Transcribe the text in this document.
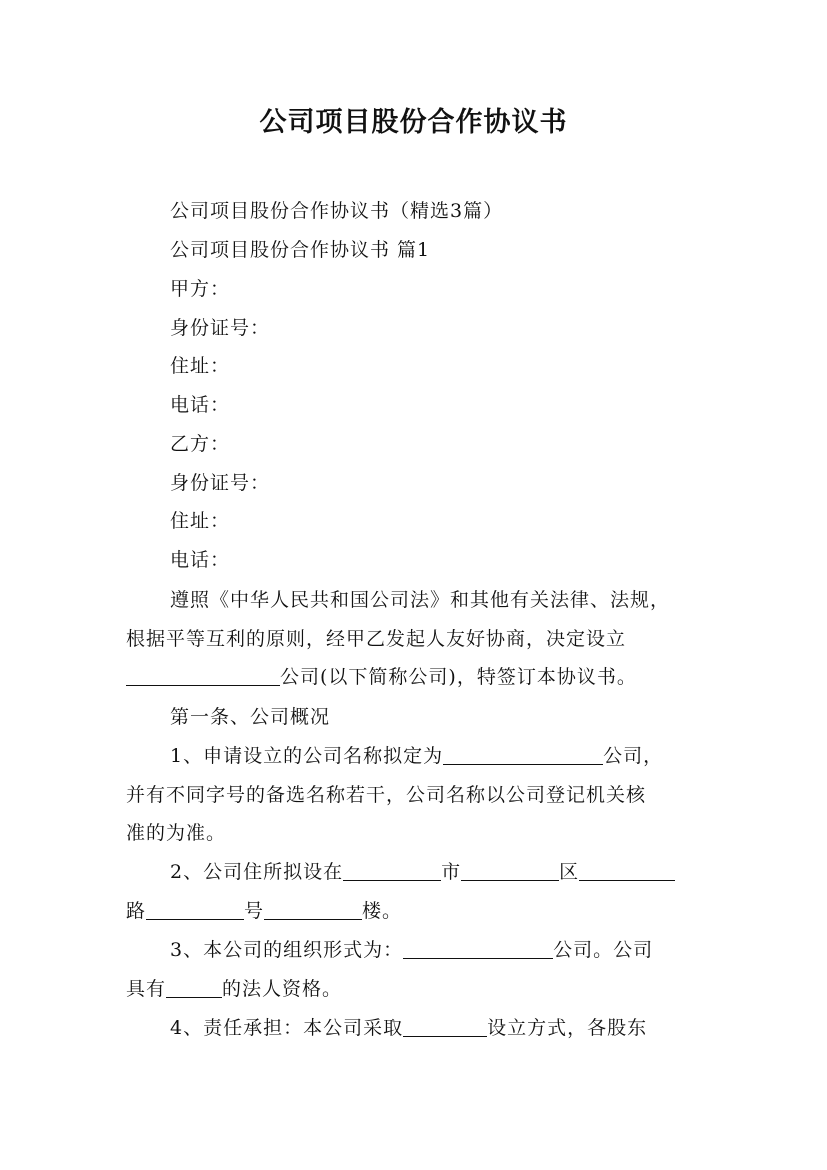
公司项目股份合作协议书
公司项目股份合作协议书（精选3篇）
公司项目股份合作协议书 篇1
甲方：
身份证号：
住址：
电话：
乙方：
身份证号：
住址：
电话：
遵照《中华人民共和国公司法》和其他有关法律、法规，
根据平等互利的原则，经甲乙发起人友好协商，决定设立
公司(以下简称公司)，特签订本协议书。
第一条、公司概况
1、申请设立的公司名称拟定为	公司，
并有不同字号的备选名称若干，公司名称以公司登记机关核
准的为准。
2、公司住所拟设在	市	区
路	号	楼。
3、本公司的组织形式为：	公司。公司
具有	的法人资格。
4、责任承担：本公司采取	设立方式，各股东
